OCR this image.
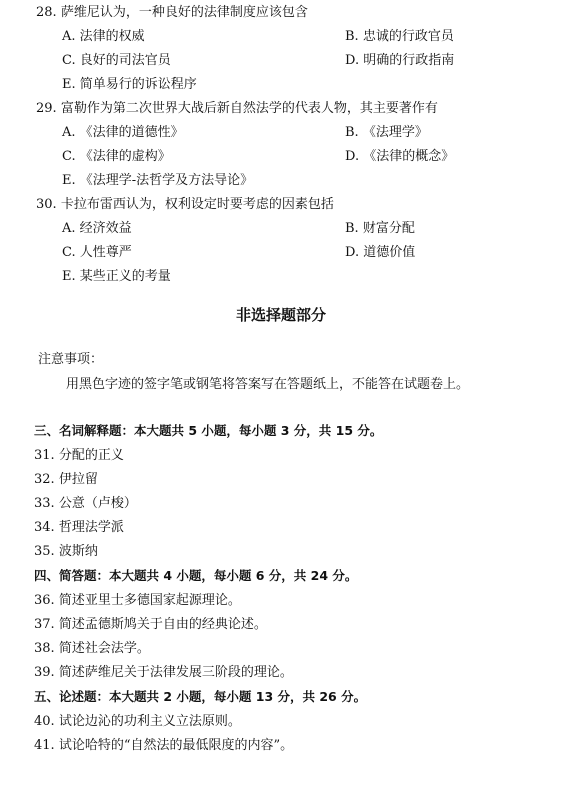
28. 萨维尼认为，一种良好的法律制度应该包含
A. 法律的权威	B. 忠诚的行政官员
C. 良好的司法官员	D. 明确的行政指南
E. 简单易行的诉讼程序
29. 富勒作为第二次世界大战后新自然法学的代表人物，其主要著作有
A. 《法律的道德性》	B. 《法理学》
C. 《法律的虚构》	D. 《法律的概念》
E. 《法理学-法哲学及方法导论》
30. 卡拉布雷西认为，权利设定时要考虑的因素包括
A. 经济效益	B. 财富分配
C. 人性尊严	D. 道德价值
E. 某些正义的考量
非选择题部分
注意事项：
用黑色字迹的签字笔或钢笔将答案写在答题纸上，不能答在试题卷上。
三、名词解释题：本大题共 5 小题，每小题 3 分，共 15 分。
31. 分配的正义
32. 伊拉留
33. 公意（卢梭）
34. 哲理法学派
35. 波斯纳
四、简答题：本大题共 4 小题，每小题 6 分，共 24 分。
36. 简述亚里士多德国家起源理论。
37. 简述孟德斯鸠关于自由的经典论述。
38. 简述社会法学。
39. 简述萨维尼关于法律发展三阶段的理论。
五、论述题：本大题共 2 小题，每小题 13 分，共 26 分。
40. 试论边沁的功利主义立法原则。
41. 试论哈特的“自然法的最低限度的内容”。
